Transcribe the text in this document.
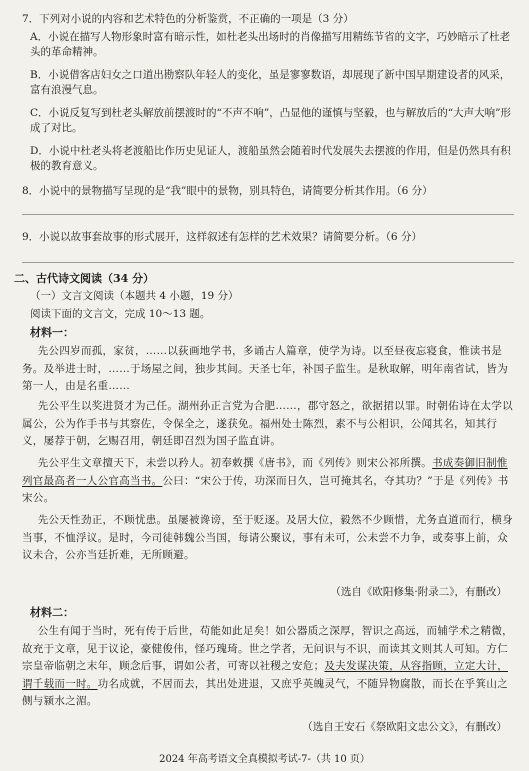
7．下列对小说的内容和艺术特色的分析鉴赏，不正确的一项是（3 分）
A．小说在描写人物形象时富有暗示性，如杜老头出场时的肖像描写用精练节省的文字，巧妙暗示了杜老头的革命精神。
B．小说借客店妇女之口道出勘察队年轻人的变化，虽是寥寥数语，却展现了新中国早期建设者的风采，富有浪漫气息。
C．小说反复写到杜老头解放前摆渡时的“不声不响”，凸显他的谨慎与坚毅，也与解放后的“大声大响”形成了对比。
D．小说中杜老头将老渡船比作历史见证人，渡船虽然会随着时代发展失去摆渡的作用，但是仍然具有积极的教育意义。
8．小说中的景物描写呈现的是“我”眼中的景物，别具特色，请简要分析其作用。（6 分）
9．小说以故事套故事的形式展开，这样叙述有怎样的艺术效果？请简要分析。（6 分）
二、古代诗文阅读（34 分）
（一）文言文阅读（本题共 4 小题，19 分）
阅读下面的文言文，完成 10～13 题。
材料一：
先公四岁而孤，家贫，……以荻画地学书，多诵古人篇章，使学为诗。以至昼夜忘寝食，惟读书是务。及举进士时，……于场屋之间，独步其间。天圣七年，补国子监生。是秋取解，明年南省试，皆为第一人，由是名重……
先公平生以奖进贤才为己任。湖州孙正言党为合肥……，郡守怒之，欲据捃以罪。时朝佑诗在太学以属公，公为作手书与其察佐，令保全之，遂获免。福州处士陈烈，素不与公相识，公闻其名，知其行义，屡荐于朝，乞赐召用，朝廷即召烈为国子监直讲。
先公平生文章擅天下，未尝以矜人。初奉敕撰《唐书》，而《列传》则宋公祁所撰。书成奏御旧制惟列官最高者一人公官高当书。公曰：“宋公于传，功深而日久，岂可掩其名，夺其功？”于是《列传》书宋公。
先公天性劲正，不顾忧患。虽屡被谗谤，至于贬逐。及居大位，毅然不少顾惜，尤务直道而行，横身当事，不恤浮议。是时，今司徒韩魏公当国，每请公聚议，事有未可，公未尝不力争，或奏事上前，众议未合，公亦当廷折难，无所顾避。
（选自《欧阳修集·附录二》，有删改）
材料二：
公生有闻于当时，死有传于后世，苟能如此足矣！如公器质之深厚，智识之高远，而辅学术之精微，故充于文章，见于议论，豪健俊伟，怪巧瑰琦。世之学者，无问识与不识，而读其文则其人可知。方仁宗皇帝临朝之末年，顾念后事，谓如公者，可寄以社稷之安危；及夫发谋决策，从容指顾，立定大计，谓千载而一时。功名成就，不居而去，其出处进退，又庶乎英魄灵气，不随异物腐散，而长在乎箕山之侧与颍水之湄。
（选自王安石《祭欧阳文忠公文》，有删改）
2024 年高考语文全真模拟考试-7-（共 10 页）
